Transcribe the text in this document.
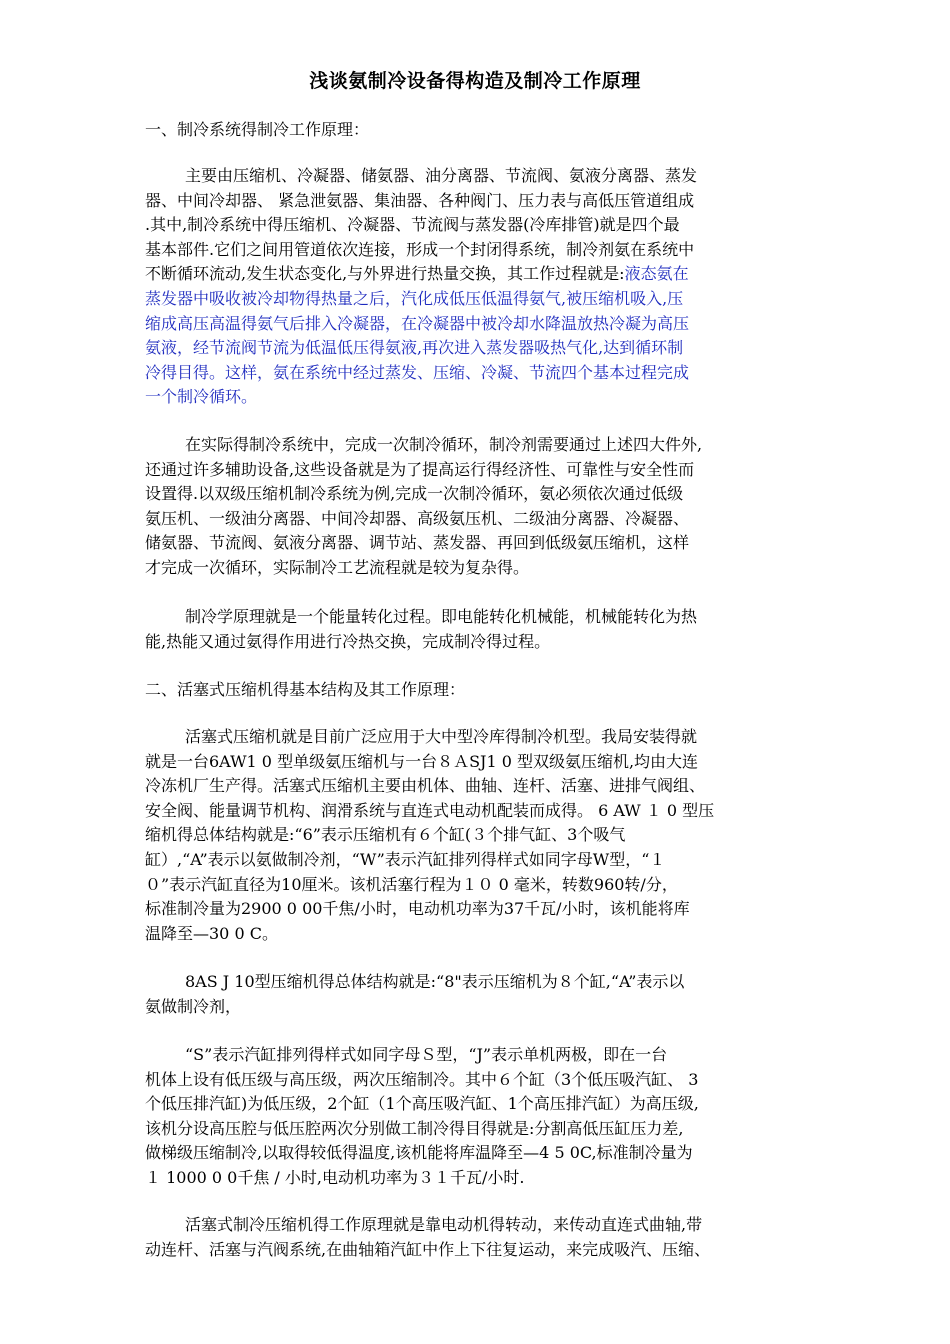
浅谈氨制冷设备得构造及制冷工作原理
一、制冷系统得制冷工作原理：
主要由压缩机、冷凝器、储氨器、油分离器、节流阀、氨液分离器、蒸发
器、中间冷却器、 紧急泄氨器、集油器、各种阀门、压力表与高低压管道组成
.其中,制冷系统中得压缩机、冷凝器、节流阀与蒸发器(冷库排管)就是四个最
基本部件.它们之间用管道依次连接，形成一个封闭得系统，制冷剂氨在系统中
不断循环流动,发生状态变化,与外界进行热量交换，其工作过程就是:液态氨在
蒸发器中吸收被冷却物得热量之后，汽化成低压低温得氨气,被压缩机吸入,压
缩成高压高温得氨气后排入冷凝器，在冷凝器中被冷却水降温放热冷凝为高压
氨液，经节流阀节流为低温低压得氨液,再次进入蒸发器吸热气化,达到循环制
冷得目得。这样，氨在系统中经过蒸发、压缩、冷凝、节流四个基本过程完成
一个制冷循环。
在实际得制冷系统中，完成一次制冷循环，制冷剂需要通过上述四大件外,
还通过许多辅助设备,这些设备就是为了提高运行得经济性、可靠性与安全性而
设置得.以双级压缩机制冷系统为例,完成一次制冷循环，氨必须依次通过低级
氨压机、一级油分离器、中间冷却器、高级氨压机、二级油分离器、冷凝器、
储氨器、节流阀、氨液分离器、调节站、蒸发器、再回到低级氨压缩机，这样
才完成一次循环，实际制冷工艺流程就是较为复杂得。
制冷学原理就是一个能量转化过程。即电能转化机械能，机械能转化为热
能,热能又通过氨得作用进行冷热交换，完成制冷得过程。
二、活塞式压缩机得基本结构及其工作原理：
活塞式压缩机就是目前广泛应用于大中型冷库得制冷机型。我局安装得就
就是一台6AW1 0 型单级氨压缩机与一台８ＡSJ1 0 型双级氨压缩机,均由大连
冷冻机厂生产得。活塞式压缩机主要由机体、曲轴、连杆、活塞、进排气阀组、
安全阀、能量调节机构、润滑系统与直连式电动机配装而成得。 6 AW １ 0 型压
缩机得总体结构就是:“6”表示压缩机有６个缸(３个排气缸、3个吸气
缸）,“A”表示以氨做制冷剂，“W”表示汽缸排列得样式如同字母W型，“１
０”表示汽缸直径为10厘米。该机活塞行程为１０ 0 毫米，转数960转/分，
标准制冷量为2900 0 00千焦/小时，电动机功率为37千瓦/小时，该机能将库
温降至—30 0 C。
8AS J 10型压缩机得总体结构就是:“8"表示压缩机为８个缸,“A”表示以
氨做制冷剂，
“S”表示汽缸排列得样式如同字母Ｓ型，“J”表示单机两极，即在一台
机体上设有低压级与高压级，两次压缩制冷。其中６个缸（3个低压吸汽缸、 3
个低压排汽缸)为低压级，2个缸（1个高压吸汽缸、1个高压排汽缸）为高压级,
该机分设高压腔与低压腔两次分别做工制冷得目得就是:分割高低压缸压力差,
做梯级压缩制冷,以取得较低得温度,该机能将库温降至—4 5 0C,标准制冷量为
１ 1000 0 0千焦 / 小时,电动机功率为３１千瓦/小时.
活塞式制冷压缩机得工作原理就是靠电动机得转动，来传动直连式曲轴,带
动连杆、活塞与汽阀系统,在曲轴箱汽缸中作上下往复运动，来完成吸汽、压缩、
